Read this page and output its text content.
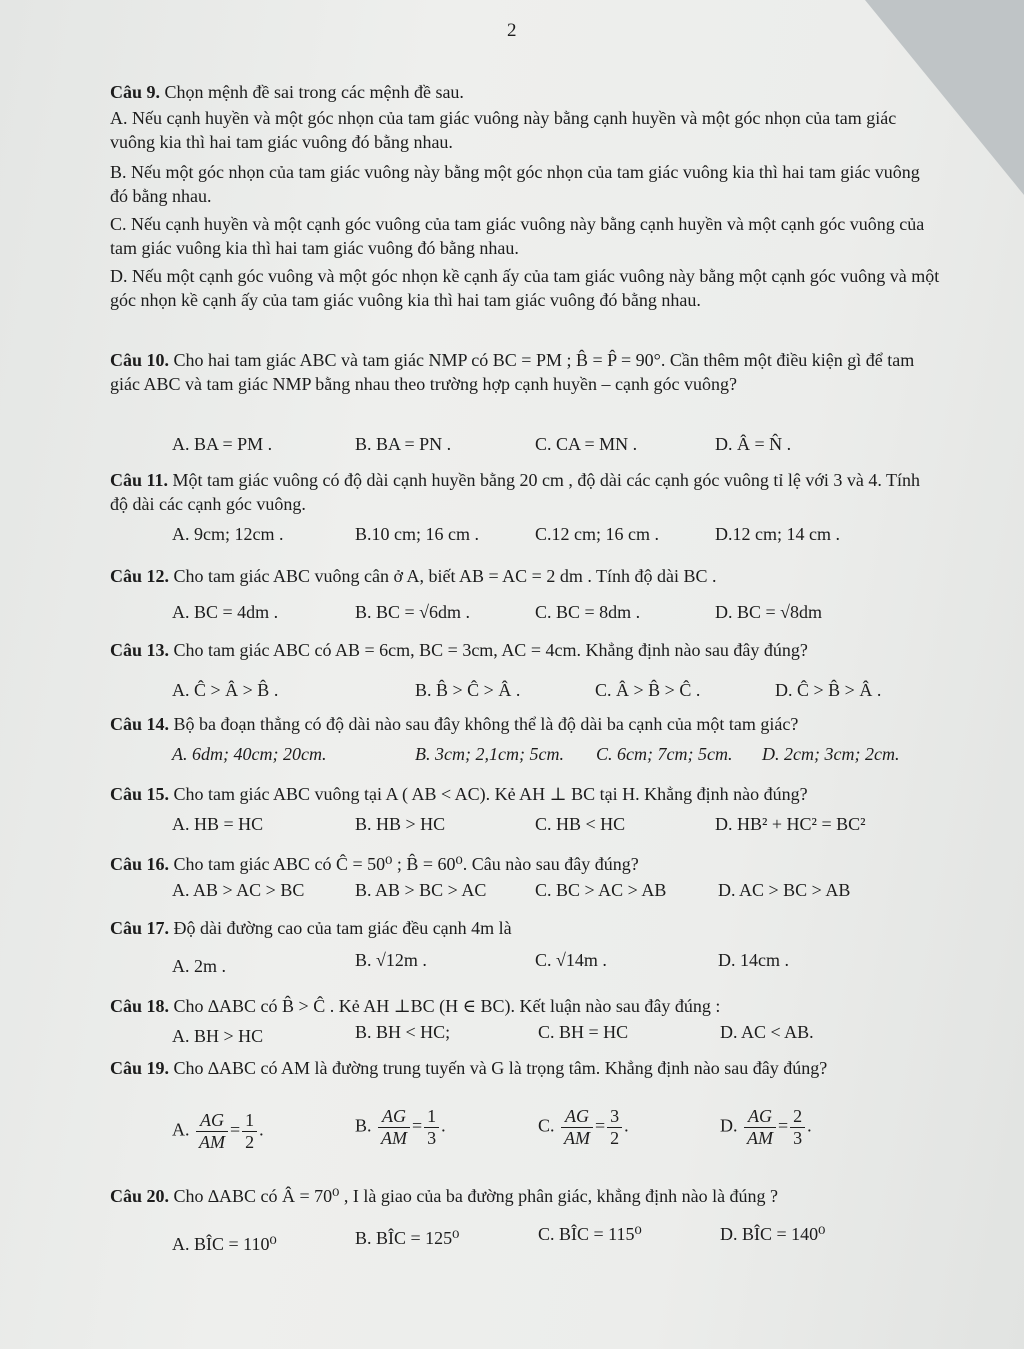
2
Câu 9. Chọn mệnh đề sai trong các mệnh đề sau.
A. Nếu cạnh huyền và một góc nhọn của tam giác vuông này bằng cạnh huyền và một góc nhọn của tam giác vuông kia thì hai tam giác vuông đó bằng nhau.
B. Nếu một góc nhọn của tam giác vuông này bằng một góc nhọn của tam giác vuông kia thì hai tam giác vuông đó bằng nhau.
C. Nếu cạnh huyền và một cạnh góc vuông của tam giác vuông này bằng cạnh huyền và một cạnh góc vuông của tam giác vuông kia thì hai tam giác vuông đó bằng nhau.
D. Nếu một cạnh góc vuông và một góc nhọn kề cạnh ấy của tam giác vuông này bằng một cạnh góc vuông và một góc nhọn kề cạnh ấy của tam giác vuông kia thì hai tam giác vuông đó bằng nhau.
Câu 10. Cho hai tam giác ABC và tam giác NMP có BC = PM ; B̂ = P̂ = 90°. Cần thêm một điều kiện gì để tam giác ABC và tam giác NMP bằng nhau theo trường hợp cạnh huyền – cạnh góc vuông?
A. BA = PM .	B. BA = PN .	C. CA = MN .	D. Â = N̂ .
Câu 11. Một tam giác vuông có độ dài cạnh huyền bằng 20 cm , độ dài các cạnh góc vuông tỉ lệ với 3 và 4. Tính độ dài các cạnh góc vuông.
A. 9cm; 12cm .	B.10 cm; 16 cm .	C.12 cm; 16 cm .	D.12 cm; 14 cm .
Câu 12. Cho tam giác ABC vuông cân ở A, biết AB = AC = 2 dm . Tính độ dài BC .
A. BC = 4dm .	B. BC = √6dm .	C. BC = 8dm .	D. BC = √8dm
Câu 13. Cho tam giác ABC có AB = 6cm, BC = 3cm, AC = 4cm. Khẳng định nào sau đây đúng?
A. Ĉ > Â > B̂ .	B. B̂ > Ĉ > Â .	C. Â > B̂ > Ĉ .	D. Ĉ > B̂ > Â .
Câu 14. Bộ ba đoạn thẳng có độ dài nào sau đây không thể là độ dài ba cạnh của một tam giác?
A. 6dm; 40cm; 20cm.	B. 3cm; 2,1cm; 5cm. C. 6cm; 7cm; 5cm. D. 2cm; 3cm; 2cm.
Câu 15. Cho tam giác ABC vuông tại A ( AB < AC). Kẻ AH ⊥ BC tại H. Khẳng định nào đúng?
A. HB = HC	B. HB > HC	C. HB < HC	D. HB² + HC² = BC²
Câu 16. Cho tam giác ABC có Ĉ = 50⁰ ; B̂ = 60⁰. Câu nào sau đây đúng?
A. AB > AC > BC	B. AB > BC > AC	C. BC > AC > AB	D. AC > BC > AB
Câu 17. Độ dài đường cao của tam giác đều cạnh 4m là
A. 2m .	B. √12m .	C. √14m .	D. 14cm .
Câu 18. Cho ∆ABC có B̂ > Ĉ . Kẻ AH ⊥BC (H ∈ BC). Kết luận nào sau đây đúng :
A. BH > HC	B. BH < HC;	C. BH = HC	D. AC < AB.
Câu 19. Cho ∆ABC có AM là đường trung tuyến và G là trọng tâm. Khẳng định nào sau đây đúng?
A. $\frac{AG}{AM} = \frac{1}{2}$ .	B. $\frac{AG}{AM} = \frac{1}{3}$ .	C. $\frac{AG}{AM} = \frac{3}{2}$ .	D. $\frac{AG}{AM} = \frac{2}{3}$ .
Câu 20. Cho ∆ABC có Â = 70⁰ , I là giao của ba đường phân giác, khẳng định nào là đúng ?
A. BÎC = 110⁰	B. BÎC = 125⁰	C. BÎC = 115⁰	D. BÎC = 140⁰
